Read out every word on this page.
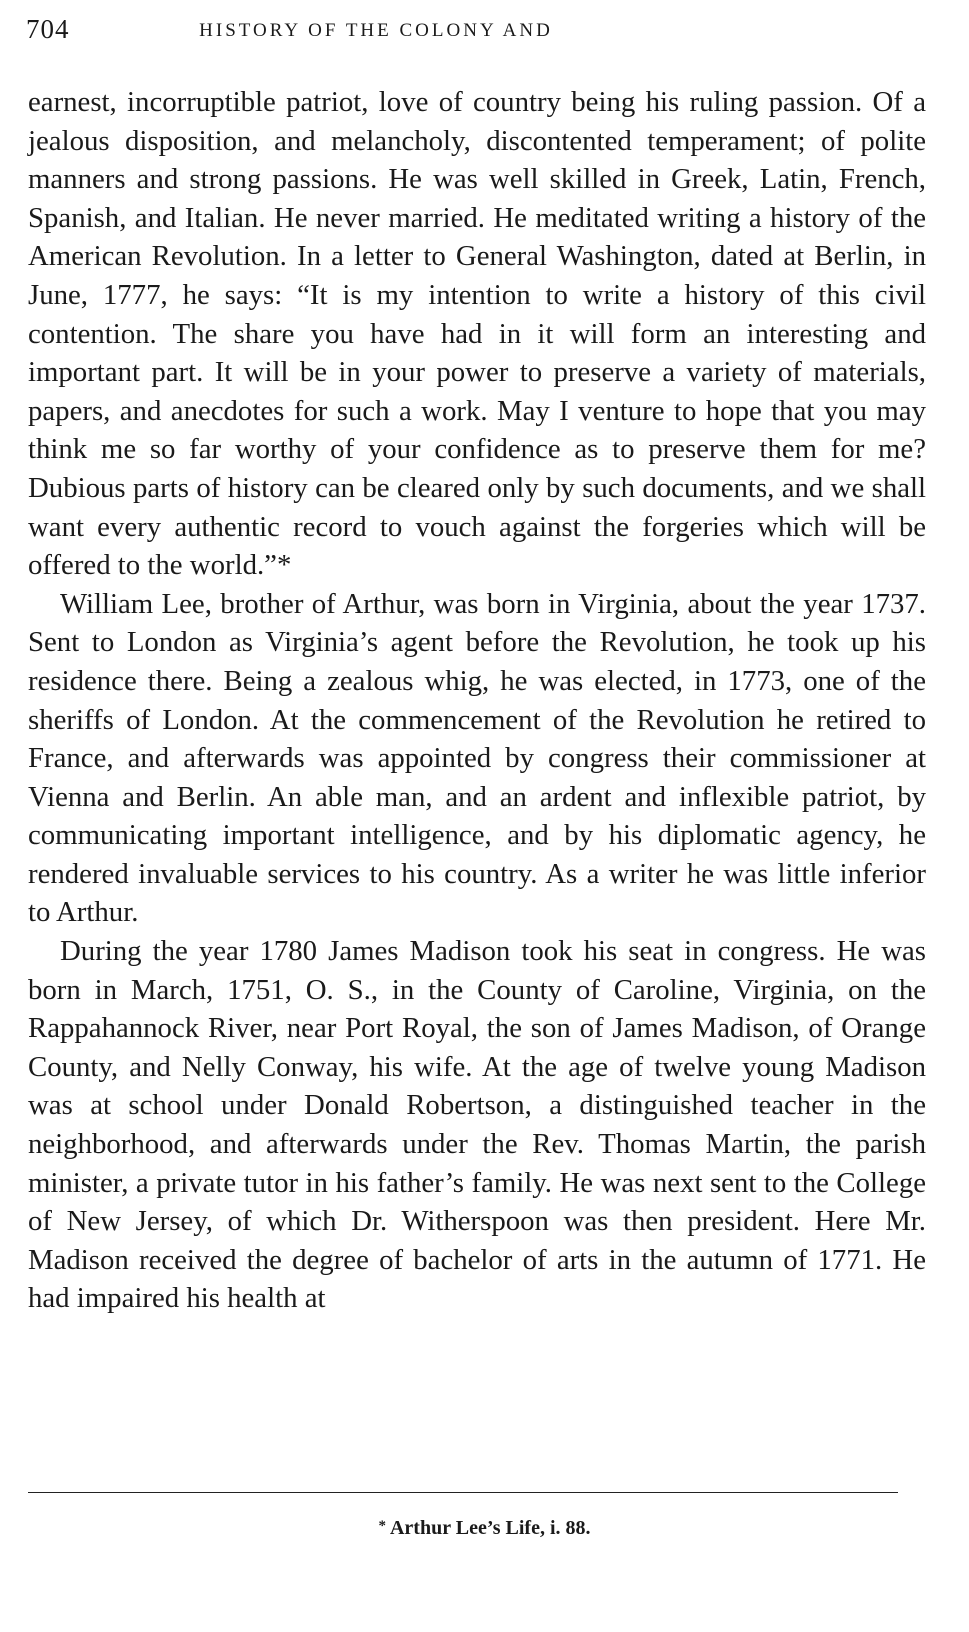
704	HISTORY OF THE COLONY AND

earnest, incorruptible patriot, love of country being his ruling passion. Of a jealous disposition, and melancholy, discontented temperament; of polite manners and strong passions. He was well skilled in Greek, Latin, French, Spanish, and Italian. He never married. He meditated writing a history of the American Revolution. In a letter to General Washington, dated at Berlin, in June, 1777, he says: “It is my intention to write a history of this civil contention. The share you have had in it will form an interesting and important part. It will be in your power to preserve a variety of materials, papers, and anecdotes for such a work. May I venture to hope that you may think me so far worthy of your confidence as to preserve them for me? Dubious parts of history can be cleared only by such documents, and we shall want every authentic record to vouch against the forgeries which will be offered to the world.”*

William Lee, brother of Arthur, was born in Virginia, about the year 1737. Sent to London as Virginia’s agent before the Revolution, he took up his residence there. Being a zealous whig, he was elected, in 1773, one of the sheriffs of London. At the commencement of the Revolution he retired to France, and afterwards was appointed by congress their commissioner at Vienna and Berlin. An able man, and an ardent and inflexible patriot, by communicating important intelligence, and by his diplomatic agency, he rendered invaluable services to his country. As a writer he was little inferior to Arthur.

During the year 1780 James Madison took his seat in congress. He was born in March, 1751, O. S., in the County of Caroline, Virginia, on the Rappahannock River, near Port Royal, the son of James Madison, of Orange County, and Nelly Conway, his wife. At the age of twelve young Madison was at school under Donald Robertson, a distinguished teacher in the neighborhood, and afterwards under the Rev. Thomas Martin, the parish minister, a private tutor in his father’s family. He was next sent to the College of New Jersey, of which Dr. Witherspoon was then president. Here Mr. Madison received the degree of bachelor of arts in the autumn of 1771. He had impaired his health at

* Arthur Lee’s Life, i. 88.
